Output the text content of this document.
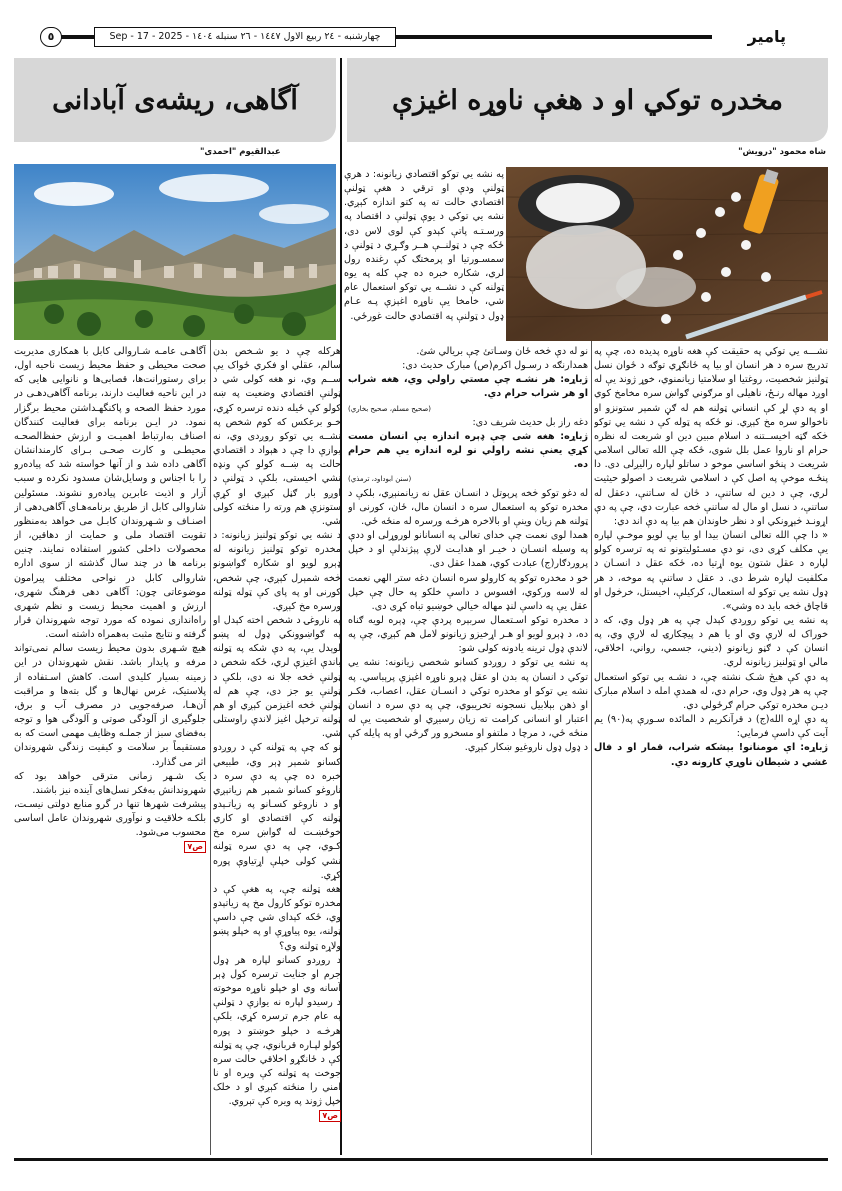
پامیر
چهارشنبه - ٢٤ ربیع الاول ١٤٤٧ - ٢٦ سنبله ١٤٠٤ - 2025 - 17 - Sep
٥
مخدره توکي او د هغې ناوړه اغیزې
شاه محمود "درویش"

نشـــه يي توکي په حقیقت کې هغه ناوړه پدیده ده، چې په تدریج سره د هر انسان او بیا په ځانګړي توګه د ځوان نسل ټولنیز شخصیت، روغتیا او سلامتیا زیانمنوي، خوړ ژوند يې له اوږد مهاله رنـځ، ناهیلی او مرګوني ګواښ سره مخامخ کوي او په دې لړ کې انساني ټولنه هم له ګڼ شمېر ستونزو او ناخوالو سره مخ کېږي. نو ځکه په ټوله کې د نشه يي توکو څکه ګټه اخیســتنه د اسلام مبین دین او شریعت له نظره حرام او ناروا عمل بلل شوی، ځکه چې الله تعالی اسلامي شریعت د پنځو اساسي موخو د ساتلو لپاره رالیږلی دی. دا پنځـه موخې په اصل کې د اسلامي شریعت د اصولو حیثیت لري، چې د دین له ساتنې، د ځان له سـاتنې، دعقل له ساتنې، د نسل او مال له ساتنې څخه عبارت دي، چې په دې اړونـد څېړونکي او د نظر خاوندان هم بیا په دې اند دي:

« دا چې الله تعالی انسان بیدا او بیا يې لویو موخـې لپاره يې مکلف کړی دی، نو دې مسـئولیتونو ته په ترسره کولو لپاره د عقل شتون یوه اړتیا ده، ځکه عقل د انسـان د مکلفیت لپاره شرط دی. د عقل د ساتنې په موخه، د هر ډول نشه يي توکو له استعمال، کرکیلې، اخیستل، خرڅول او قاچاق څخه باید ده وشي».

په نشه يي توکو روږدي کېدل چې په هر ډول وي، که د خوراک له لارې وي او یا هم د پیچکارۍ له لارې وي، په انسان کې د ګڼو زیانونو (دیني، جسمي، رواني، اخلاقي، مالي او ټولنیز زیانونه لري.

په دې کې هیڅ شـک نشته چې، د نشـه يي توکو استعمال چې په هر ډول وي، حرام دي، له همدې امله د اسلام مبارک دیـن مخدره توکي حرام ګرځولي دي.

په دې اړه الله(ج) د قرآنکریم د المائده سـورې په(٩٠) یم آیت کې داسې فرمایي:

ژباړه: اې مومنانو! بېشکه شراب، قمار او د فال غشي د شیطان ناوړي کارونه دي.

نو له دې څخه ځان وسـاتئ چې بریالي شئ.

همدارنګه د رسـول اکرم(ص) مبارک حدیث دی:

ژباړه: هر نشـه چې مستي راولي وي، هغه شراب او هر شراب حرام دي.

(صحیح مسلم، صحیح بخاري)

دغه راز بل حدیث شریف دی:

ژباړه: هغه شی چې ډېره اندازه يې انسان مست کړي یعنې نشه راولي نو لږه اندازه يې هم حرام ده.

(سنن ابوداود، ترمذي)

له دغو توکو څخه پرېوتل د انسـان عقل نه زیانمنېږي، بلکې د مخدره توکو په استعمال سره د انسان مال، ځان، کورنی او ټولنه هم زیان وینې او بالاخره هرڅـه ورسره له منځه ځي.

همدا لوی نعمت چې خدای تعالی په انسانانو لوروړلی او ددې په وسیله انسـان د خیـر او هدایـت لارې پېژندلې او د خپل پروردګار(ج) عبادت کوي، همدا عقل دی.

خو د مخدره توکو په کارولو سره انسان دغه ستر الهي نعمت له لاسه ورکوي، افسوس د داسې خلکو په حال چې خپل عقل يې په داسې لنډ مهاله خیالي خوښیو تباه کړی دی.

د مخدره توکو اسـتعمال سربېره پردې چې، ډېره لویه ګناه ده، د ډېرو لویو او هـر اړخیزو زیانونو لامل هم کېږي، چې په لاندې ډول ترینه یادونه کولی شو:

په نشه يي توکو د روږدو کسانو شخصي زیانونه: نشه یي توکي د انسان په بدن او عقل ډېرو ناوړه اغېزې پرېباسي. په نشه يي توکو او مخدره توکي د انسـان عقل، اعصاب، فکـر او ذهن بېلابیل نسجونه تخریبوي، چې په دې سره د انسان اعتبار او انسانی کرامت ته زیان رسیږي او شخصیت يې له منځه ځي، د مرچا د ملتفو او مسخرو ور ګرځي او په پایله کې د ډول ډول ناروغیو ښکار کېږي.

په نشه يي توکو اقتصادي زیانونه: د هرې ټولنې ودې او ترقي د هغې ټولنې اقتصادي حالت ته په کتو اندازه کېږي. نشه یي توکي د یوې ټولنې د اقتصاد په ورسـتـه پاتې کېدو کې لوی لاس دی، ځکه چې د ټولنــې هــر وګـړي د ټولنې د سمسـورتیا او پرمختګ کې رغنده رول لري، شکاره خبره ده چې کله په یوه ټولنه کې د نشــه یي توکو استعمال عام شي، خامخا يې ناوړه اغېزې پـه عـام ډول د ټولنې په اقتصادي حالت غورځي.

هرکله چې د یو شـخص بدن سالم، عقلي او فکري ځواک يې ســم وي، نو هغه کولی شي د ټولنې اقتصادي وضعیت په ښه کولو کې ځیله دنده ترسره کړي، خـو برعکس که کوم شخص په نشــه یي توکو روږدی وي، نه یوازې دا چې د هېواد د اقتصادي حالت په ښــه کولو کې ونډه نشي اخیستی، بلکې د ټولنې د اوږو بار ګڼل کېږي او کړې ستونزې هم ورته را منځته کولی شي.

د نشه يي توکو ټولنیز زیانونه: د مخدره توکو ټولنیز زیانونه له ډېرو لویو او شکاره ګواښونو څخه شمېرل کېږي، چې شخص، کورنی او په پای کې ټوله ټولنه ورسره مخ کېږي.

په ناروغۍ د شخص اخته کېدل او په ګواښوونکي ډول له پښو لوېدل يې، په دې شکه په ټولنه باندې اغیزې لري، ځکه شخص د ټولنې څخه جلا نه دی، بلکې د ټولنې یو جز دی، چې هم له ټولنې څخه اغیزمن کېږي او هم ټولنه ترخپل اغیز لاندې راوستلی شي.

نو که چې په ټولنه کې د روږدو کسانو شمېر ډېر وي، طبیعي خبره ده چې په دې سره د ناروغو کسانو شمېر هم زیاتېږي او د ناروغو کسـانو په زیاتـېدو ټولنه کې اقتصادي او کاري خوځښـت له ګواښ سره مخ کـوي، چې په دې سره ټولنه نشي کولی خپلې اړتیاوې پوره کړي.

هغه ټولنه چې، په هغې کې د مخدره توکو کارول مخ په زیاتېدو وي، ځکه کېدای شي چې داسې ټولنه، یوه پیاوړې او په خپلو پښو ولاړه ټولنه وي؟

د روږدو کسانو لپاره هر ډول جرم او جنایت ترسره کول ډېر آسانه وي او خپلو ناوړه موخوته د رسیدو لپاره نه یوازې د ټولنې په عام جرم ترسره کړي، بلکې هرڅـه د خپلو خوښتو د پوره کولو لپـاره قربانوي، چې په ټولنه کې د ځانګړو اخلاقي حالت سره جوخت په ټولنه کې ویره او نا امني را منځته کېږي او د خلک خپل ژوند په ویره کې تېروي.

ص٧
آگاهی، ریشه‌ی آبادانی
عبدالقیوم "احمدی"

آگاهـی عامـه شـاروالی کابل با همکاری مدیریت صحت محیطی و حفظ محیط زیست ناحیه اول، برای رستورانت‌ها، قصابی‌ها و نانوایی هایی که در این ناحیه فعالیت دارند، برنامه آگاهی‌دهـی در مورد حفظ الصحه و پاکنگهـداشتن محیط برگزار نمود. در ایـن برنامه برای فعالیت کنندگان اصناف به‌ارتباط اهمیـت و ارزش حفظ‌الصحـه محیطـی و کارت صحـی بـرای کارمندانشان آگاهی داده شد و از آنها خواسته شد که پیادەرو را با اجناس و وسایل‌شان مسدود نکرده و سبب آزار و اذیت عابرین پیاده‌رو نشوند. مسئولین شاروالی کابل از طریق برنامه‌هـای آگاهی‌دهی از اصنـاف و شـهروندان کابـل می خواهد به‌منظور تقویت اقتصاد ملی و حمایت از دهاقین، از محصولات داخلی کشور استفاده نمایند. چنین برنامه ها در چند سال گذشته از سوی اداره شاروالی کابل در نواحی مختلف پیرامون موضوعاتی چون: آگاهی دهی فرهنگ شهری، ارزش و اهمیت محیط زیست و نظم شهری راه‌اندازی نموده که مورد توجه شهروندان قرار گرفته و نتایج مثبت به‌همراه داشته است.

هیچ شـهری بدون محیط زیست سالم نمی‌تواند مرفه و پایدار باشد. نقش شهروندان در این زمینه بسیار کلیدی است. کاهش اسـتفاده از پلاستیک، غرس نهال‌ها و گل بته‌ها و مراقبت آن‌هـا، صرفه‌جویی در مصرف آب و برق، جلوگیری از آلودگی صوتی و آلودگی هوا و توجه به‌فضای سبز از جملـه وظایف مهمی است که به‌ مستقیماً بر سلامت و کیفیت زندگی شهروندان اثر می گذارد.

یک شـهر زمانی مترقی خواهد بود که شهروندانش به‌فکر نسل‌های آینده نیز باشند.

پیشرفت شهرها تنها در گرو منابع دولتی نیسـت، بلکـه خلاقیت و نوآوری شهروندان عامل اساسی محسوب می‌شود.

ص٧
